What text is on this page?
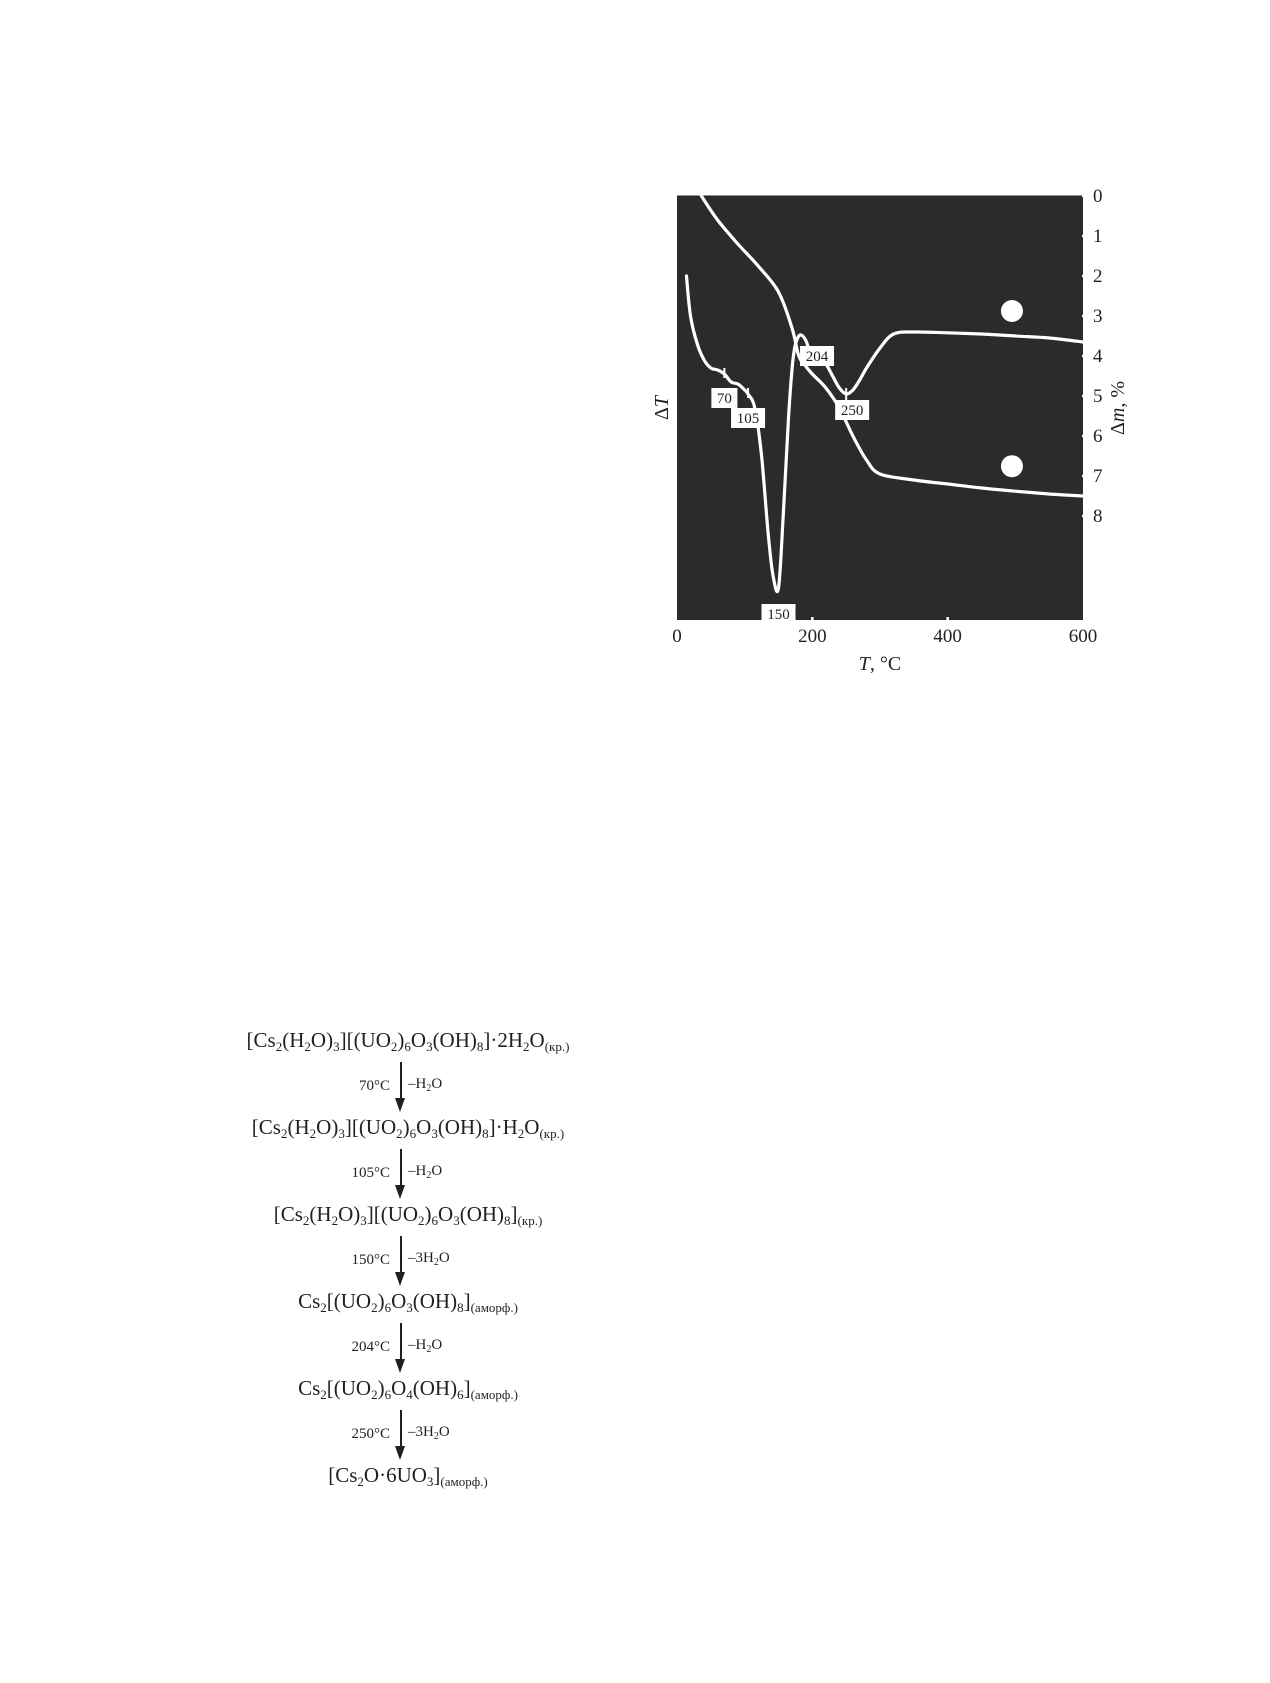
0
1
2
3
4
5
6
7
8
0	200	400	600
T, °C
ΔT
Δm, %
70
105
150
204
250
$[Cs_2(H_2O)_3][(UO_2)_6O_3(OH)_8]\cdot 2H_2O_{(кр.)}$
70°C $-H_2O$
$[Cs_2(H_2O)_3][(UO_2)_6O_3(OH)_8]\cdot H_2O_{(кр.)}$
105°C $-H_2O$
$[Cs_2(H_2O)_3][(UO_2)_6O_3(OH)_8]_{(кр.)}$
150°C $-3H_2O$
$Cs_2[(UO_2)_6O_3(OH)_8]_{(аморф.)}$
204°C $-H_2O$
$Cs_2[(UO_2)_6O_4(OH)_6]_{(аморф.)}$
250°C $-3H_2O$
$[Cs_2O\cdot 6UO_3]_{(аморф.)}$
